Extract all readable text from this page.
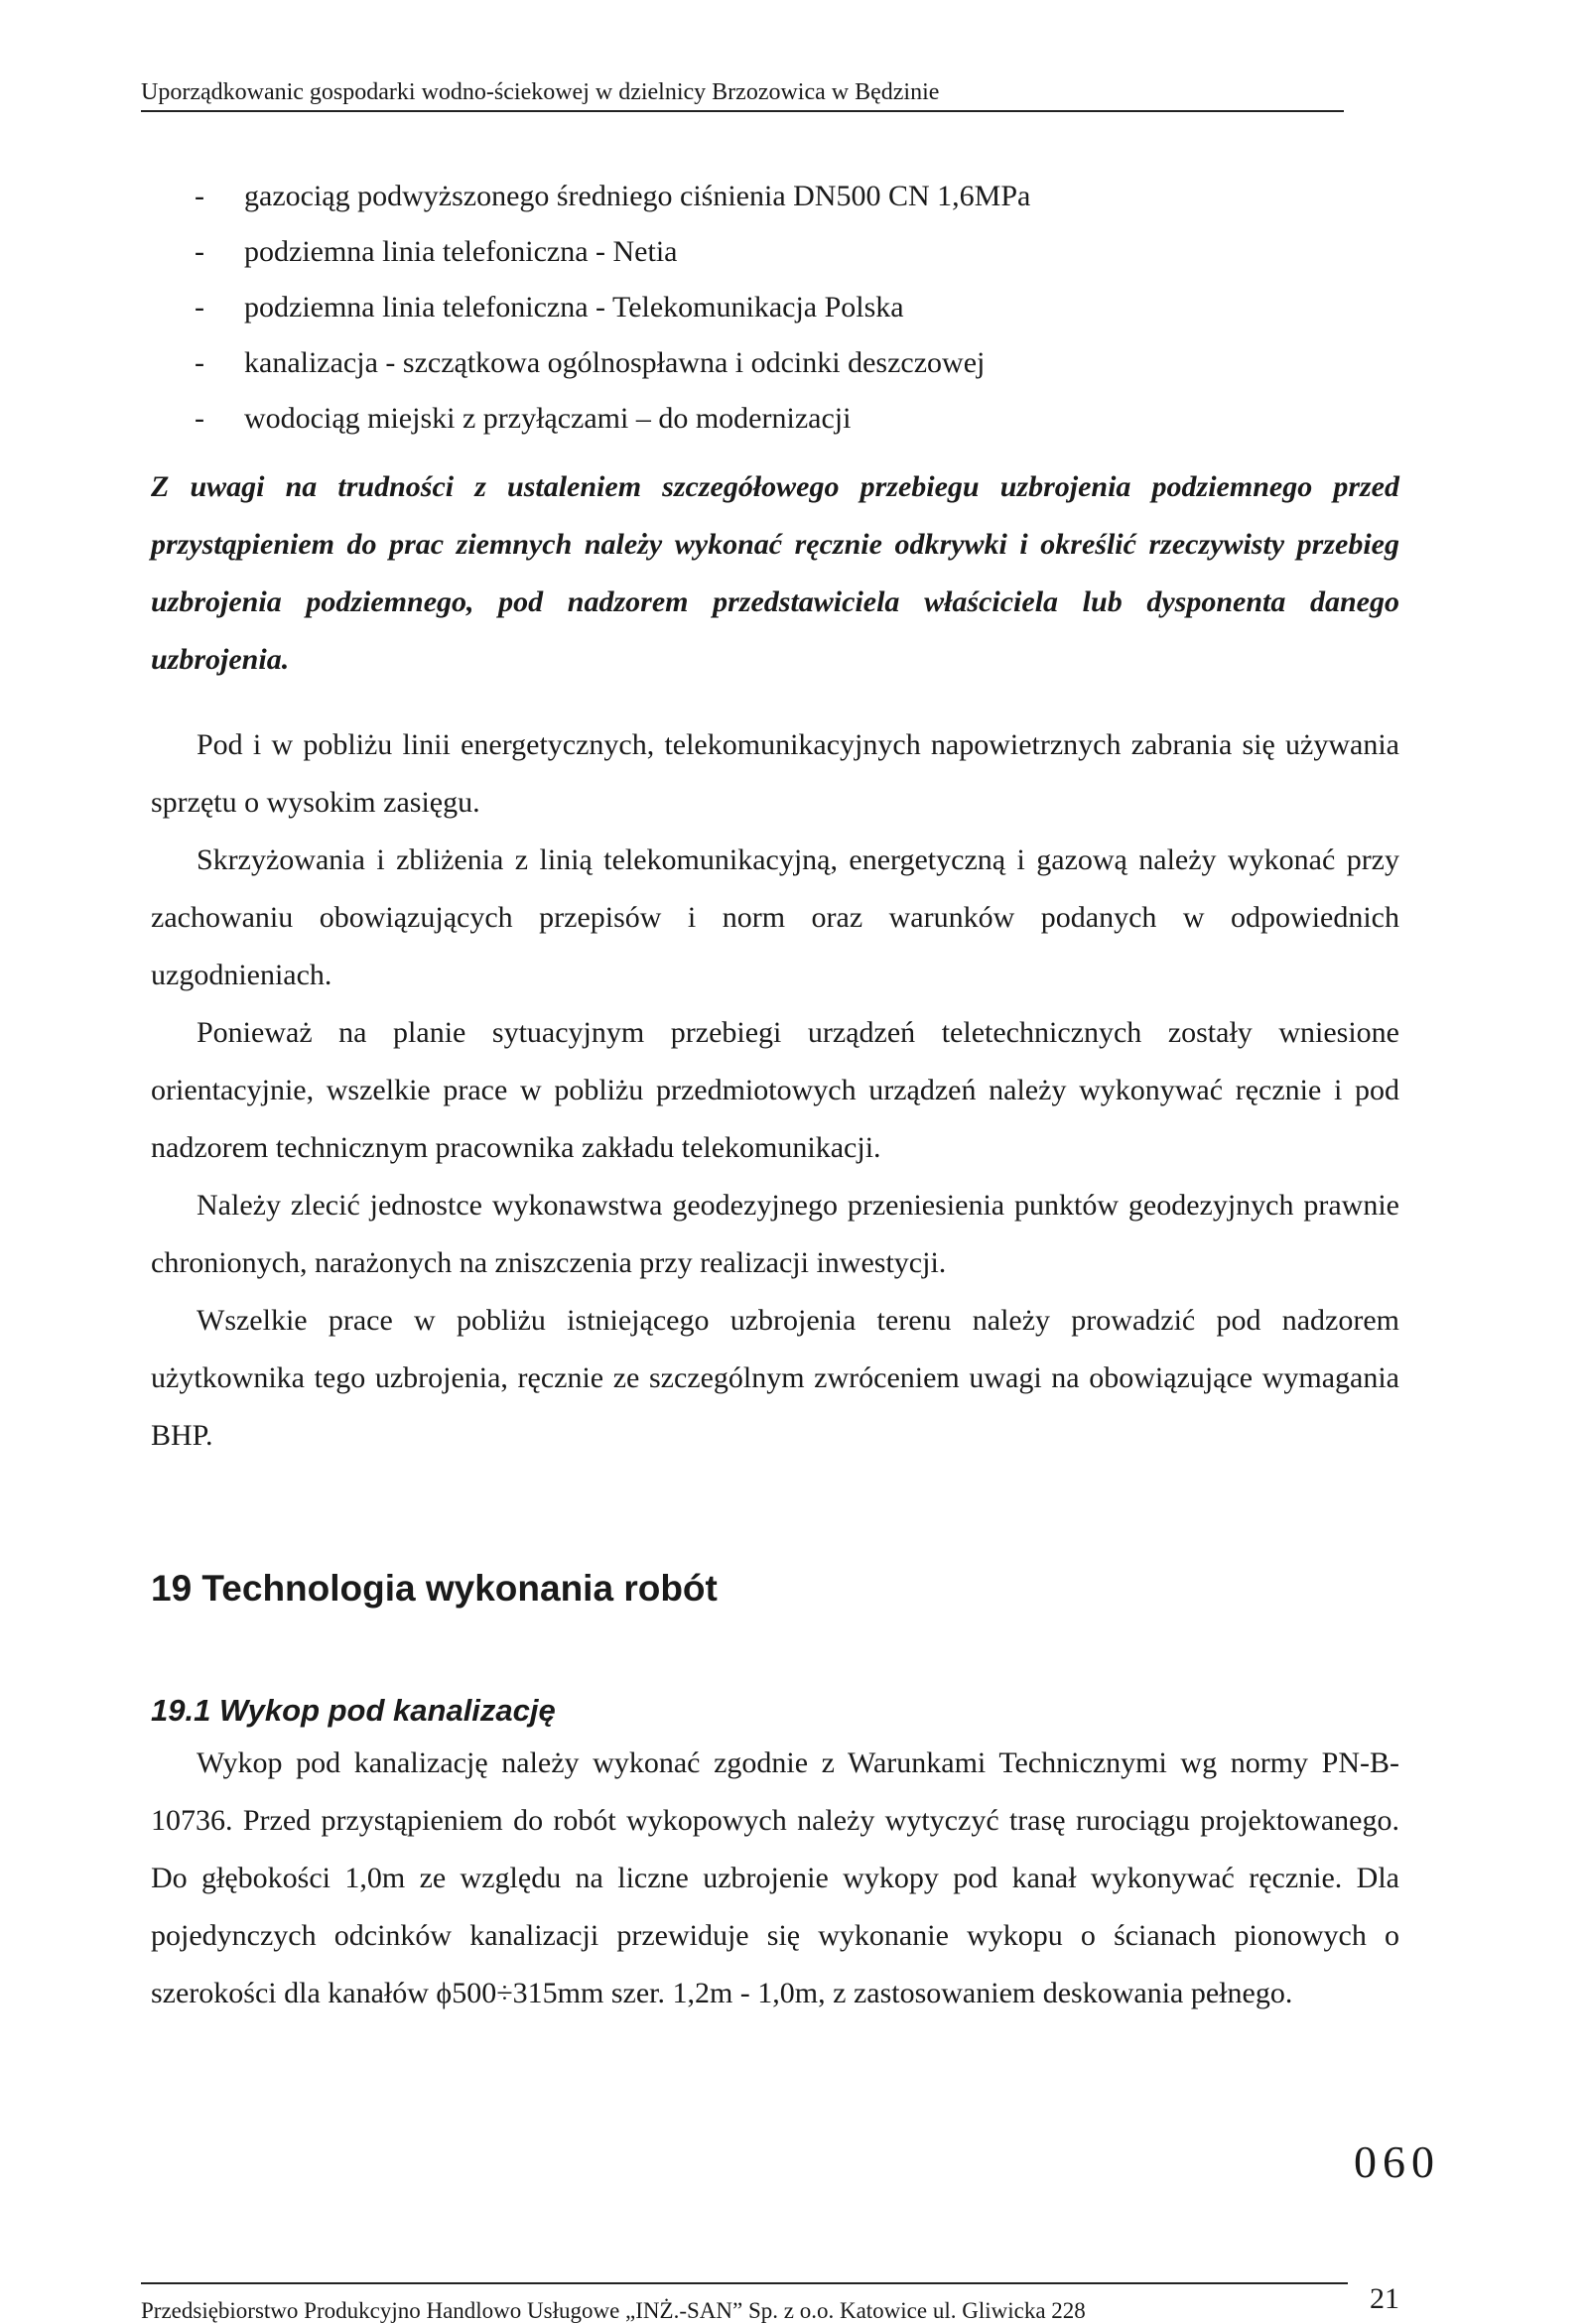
Uporządkowanic gospodarki wodno-ściekowej w dzielnicy Brzozowica w Będzinie
- gazociąg podwyższonego średniego ciśnienia DN500 CN 1,6MPa
- podziemna linia telefoniczna - Netia
- podziemna linia telefoniczna - Telekomunikacja Polska
- kanalizacja - szczątkowa ogólnospławna i odcinki deszczowej
- wodociąg miejski z przyłączami – do modernizacji
Z uwagi na trudności z ustaleniem szczegółowego przebiegu uzbrojenia podziemnego przed przystąpieniem do prac ziemnych należy wykonać ręcznie odkrywki i określić rzeczywisty przebieg uzbrojenia podziemnego, pod nadzorem przedstawiciela właściciela lub dysponenta danego uzbrojenia.

Pod i w pobliżu linii energetycznych, telekomunikacyjnych napowietrznych zabrania się używania sprzętu o wysokim zasięgu.

Skrzyżowania i zbliżenia z linią telekomunikacyjną, energetyczną i gazową należy wykonać przy zachowaniu obowiązujących przepisów i norm oraz warunków podanych w odpowiednich uzgodnieniach.

Ponieważ na planie sytuacyjnym przebiegi urządzeń teletechnicznych zostały wniesione orientacyjnie, wszelkie prace w pobliżu przedmiotowych urządzeń należy wykonywać ręcznie i pod nadzorem technicznym pracownika zakładu telekomunikacji.

Należy zlecić jednostce wykonawstwa geodezyjnego przeniesienia punktów geodezyjnych prawnie chronionych, narażonych na zniszczenia przy realizacji inwestycji.

Wszelkie prace w pobliżu istniejącego uzbrojenia terenu należy prowadzić pod nadzorem użytkownika tego uzbrojenia, ręcznie ze szczególnym zwróceniem uwagi na obowiązujące wymagania BHP.

19 Technologia wykonania robót
19.1 Wykop pod kanalizację

Wykop pod kanalizację należy wykonać zgodnie z Warunkami Technicznymi wg normy PN-B-10736. Przed przystąpieniem do robót wykopowych należy wytyczyć trasę rurociągu projektowanego. Do głębokości 1,0m ze względu na liczne uzbrojenie wykopy pod kanał wykonywać ręcznie. Dla pojedynczych odcinków kanalizacji przewiduje się wykonanie wykopu o ścianach pionowych o szerokości dla kanałów ϕ500÷315mm szer. 1,2m - 1,0m, z zastosowaniem deskowania pełnego.

060
Przedsiębiorstwo Produkcyjno Handlowo Usługowe „INŻ.-SAN” Sp. z o.o. Katowice ul. Gliwicka 228	21
